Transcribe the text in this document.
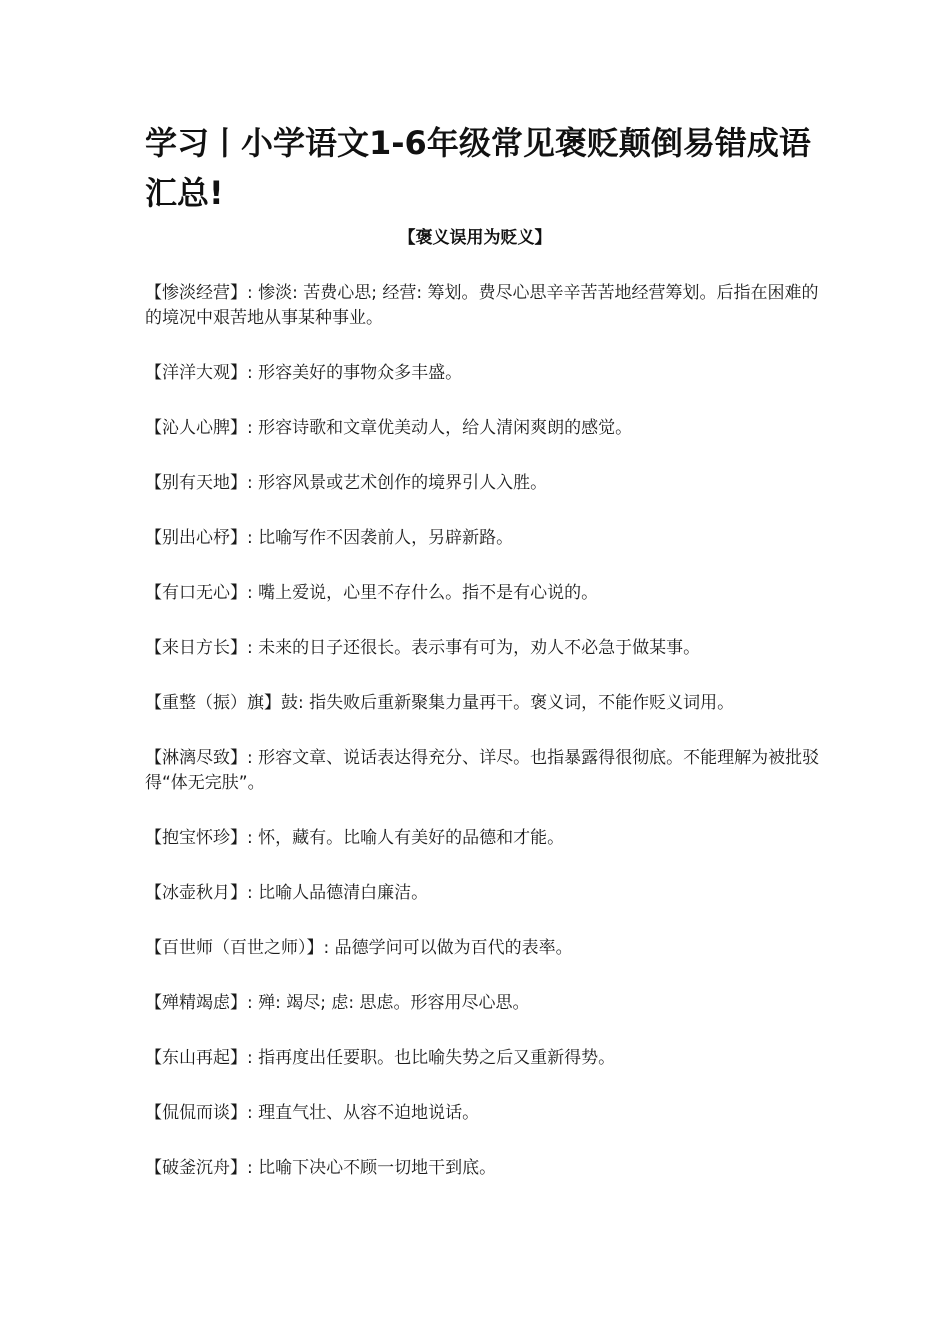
学习丨小学语文1-6年级常见褒贬颠倒易错成语汇总!
【褒义误用为贬义】
【惨淡经营】: 惨淡: 苦费心思; 经营: 筹划。费尽心思辛辛苦苦地经营筹划。后指在困难的的境况中艰苦地从事某种事业。
【洋洋大观】: 形容美好的事物众多丰盛。
【沁人心脾】: 形容诗歌和文章优美动人，给人清闲爽朗的感觉。
【别有天地】: 形容风景或艺术创作的境界引人入胜。
【别出心杼】: 比喻写作不因袭前人，另辟新路。
【有口无心】: 嘴上爱说，心里不存什么。指不是有心说的。
【来日方长】: 未来的日子还很长。表示事有可为，劝人不必急于做某事。
【重整（振）旗】鼓: 指失败后重新聚集力量再干。褒义词，不能作贬义词用。
【淋漓尽致】: 形容文章、说话表达得充分、详尽。也指暴露得很彻底。不能理解为被批驳得“体无完肤”。
【抱宝怀珍】: 怀，藏有。比喻人有美好的品德和才能。
【冰壶秋月】: 比喻人品德清白廉洁。
【百世师（百世之师）】: 品德学问可以做为百代的表率。
【殚精竭虑】: 殚: 竭尽; 虑: 思虑。形容用尽心思。
【东山再起】: 指再度出任要职。也比喻失势之后又重新得势。
【侃侃而谈】: 理直气壮、从容不迫地说话。
【破釜沉舟】: 比喻下决心不顾一切地干到底。
